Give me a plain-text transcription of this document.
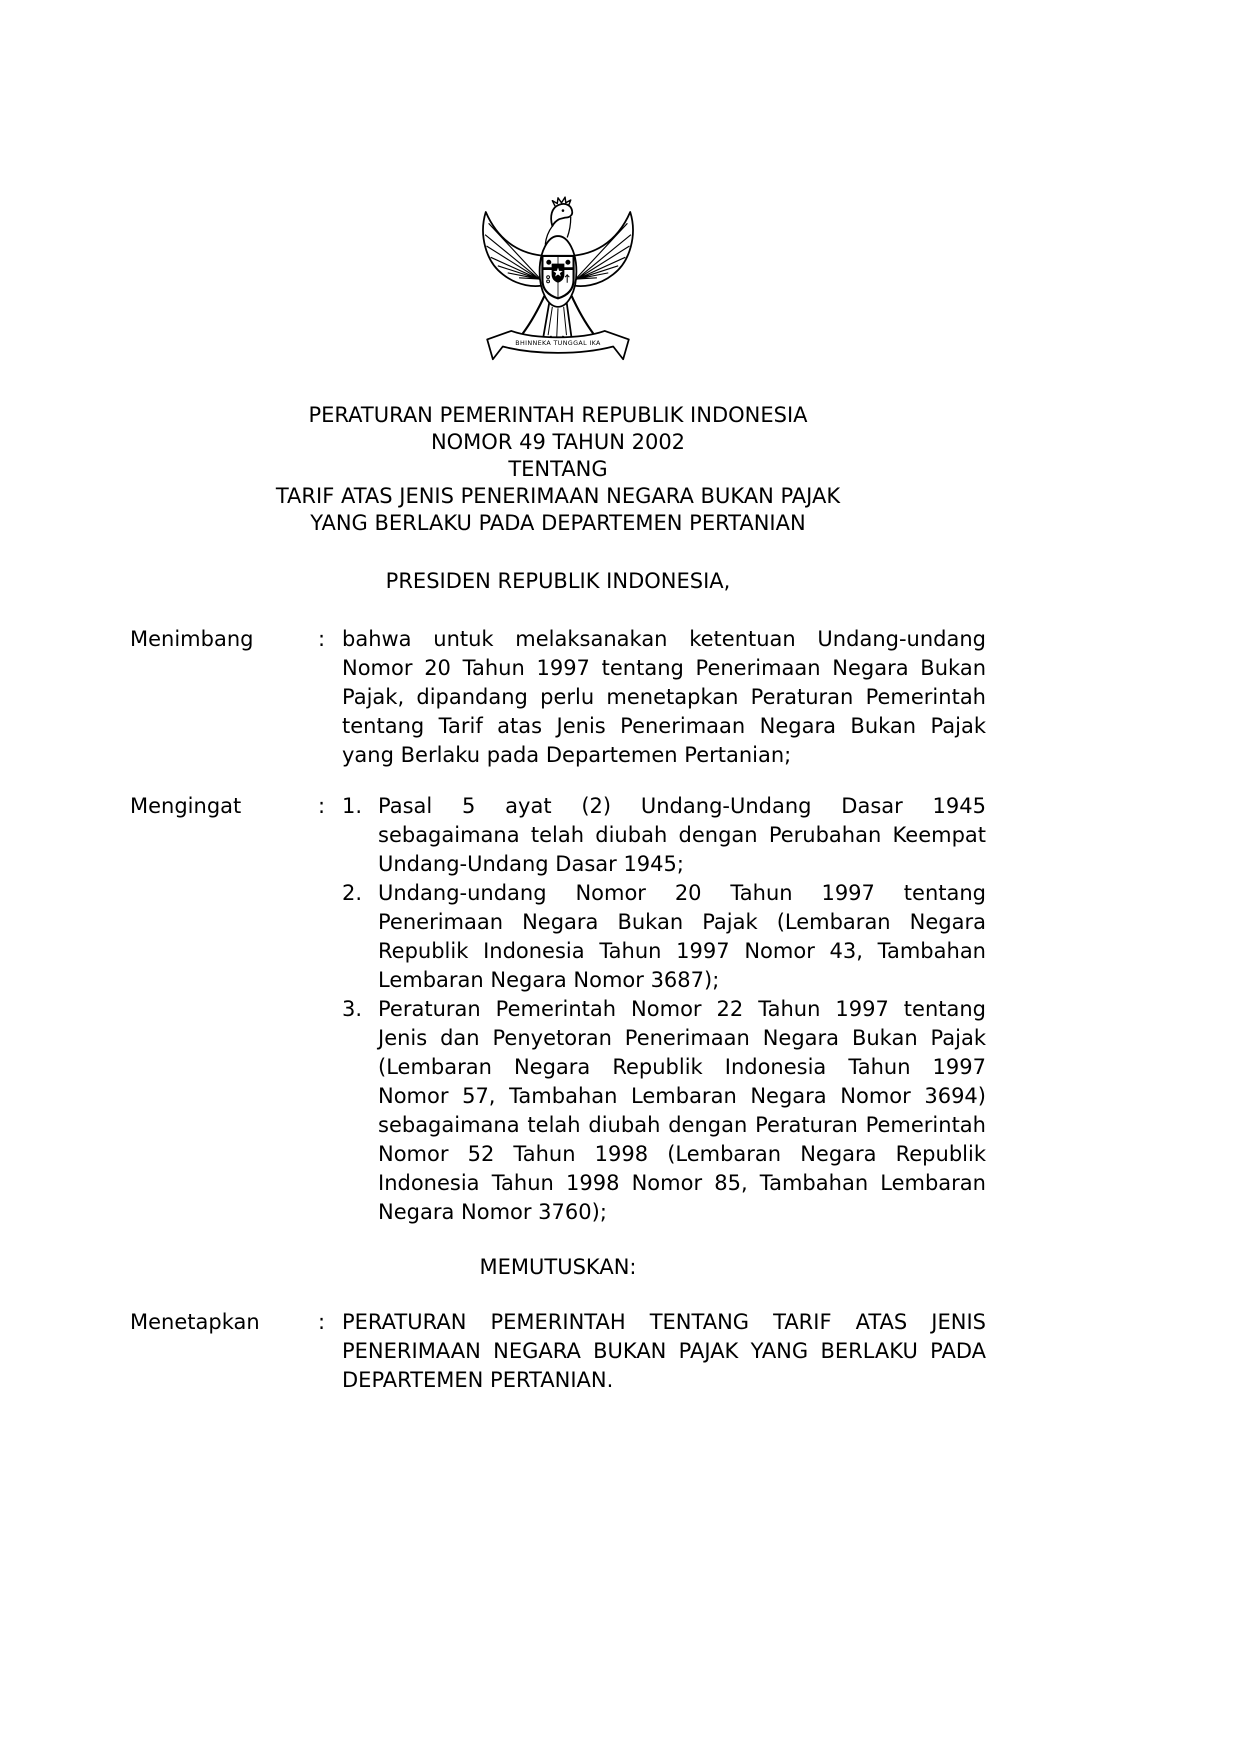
BHINNEKA TUNGGAL IKA
PERATURAN PEMERINTAH REPUBLIK INDONESIA
NOMOR 49 TAHUN 2002
TENTANG
TARIF ATAS JENIS PENERIMAAN NEGARA BUKAN PAJAK
YANG BERLAKU PADA DEPARTEMEN PERTANIAN
PRESIDEN REPUBLIK INDONESIA,
Menimbang	: bahwa untuk melaksanakan ketentuan Undang-undang Nomor 20 Tahun 1997 tentang Penerimaan Negara Bukan Pajak, dipandang perlu menetapkan Peraturan Pemerintah tentang Tarif atas Jenis Penerimaan Negara Bukan Pajak yang Berlaku pada Departemen Pertanian;
Mengingat	: 1. Pasal 5 ayat (2) Undang-Undang Dasar 1945 sebagaimana telah diubah dengan Perubahan Keempat Undang-Undang Dasar 1945;
2. Undang-undang Nomor 20 Tahun 1997 tentang Penerimaan Negara Bukan Pajak (Lembaran Negara Republik Indonesia Tahun 1997 Nomor 43, Tambahan Lembaran Negara Nomor 3687);
3. Peraturan Pemerintah Nomor 22 Tahun 1997 tentang Jenis dan Penyetoran Penerimaan Negara Bukan Pajak (Lembaran Negara Republik Indonesia Tahun 1997 Nomor 57, Tambahan Lembaran Negara Nomor 3694) sebagaimana telah diubah dengan Peraturan Pemerintah Nomor 52 Tahun 1998 (Lembaran Negara Republik Indonesia Tahun 1998 Nomor 85, Tambahan Lembaran Negara Nomor 3760);
MEMUTUSKAN:
Menetapkan	: PERATURAN PEMERINTAH TENTANG TARIF ATAS JENIS PENERIMAAN NEGARA BUKAN PAJAK YANG BERLAKU PADA DEPARTEMEN PERTANIAN.
